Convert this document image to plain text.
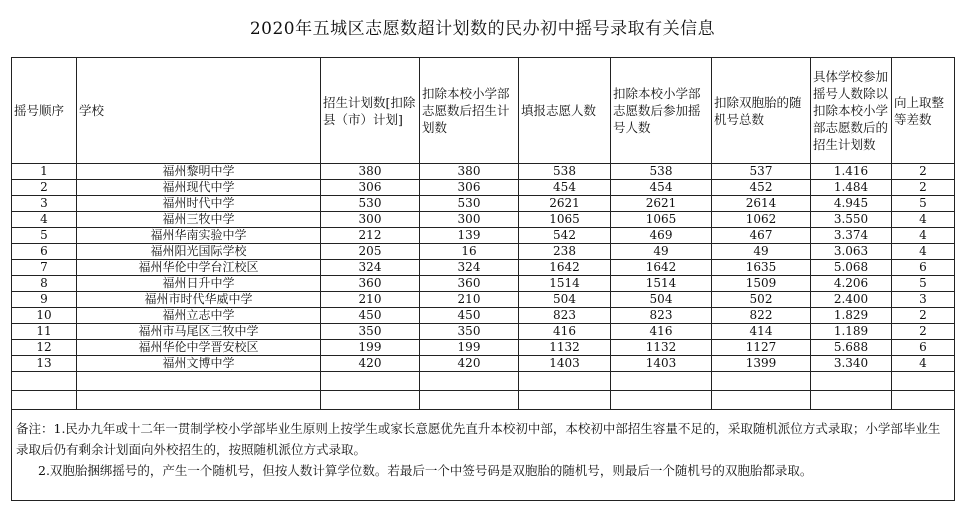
2020年五城区志愿数超计划数的民办初中摇号录取有关信息
摇号顺序	学校	招生计划数[扣除县（市）计划]	扣除本校小学部志愿数后招生计划数	填报志愿人数	扣除本校小学部志愿数后参加摇号人数	扣除双胞胎的随机号总数	具体学校参加摇号人数除以扣除本校小学部志愿数后的招生计划数	向上取整等差数
1	福州黎明中学	380	380	538	538	537	1.416	2
2	福州现代中学	306	306	454	454	452	1.484	2
3	福州时代中学	530	530	2621	2621	2614	4.945	5
4	福州三牧中学	300	300	1065	1065	1062	3.550	4
5	福州华南实验中学	212	139	542	469	467	3.374	4
6	福州阳光国际学校	205	16	238	49	49	3.063	4
7	福州华伦中学台江校区	324	324	1642	1642	1635	5.068	6
8	福州日升中学	360	360	1514	1514	1509	4.206	5
9	福州市时代华威中学	210	210	504	504	502	2.400	3
10	福州立志中学	450	450	823	823	822	1.829	2
11	福州市马尾区三牧中学	350	350	416	416	414	1.189	2
12	福州华伦中学晋安校区	199	199	1132	1132	1127	5.688	6
13	福州文博中学	420	420	1403	1403	1399	3.340	4

备注：1.民办九年或十二年一贯制学校小学部毕业生原则上按学生或家长意愿优先直升本校初中部，本校初中部招生容量不足的，采取随机派位方式录取；小学部毕业生录取后仍有剩余计划面向外校招生的，按照随机派位方式录取。
2.双胞胎捆绑摇号的，产生一个随机号，但按人数计算学位数。若最后一个中签号码是双胞胎的随机号，则最后一个随机号的双胞胎都录取。								
